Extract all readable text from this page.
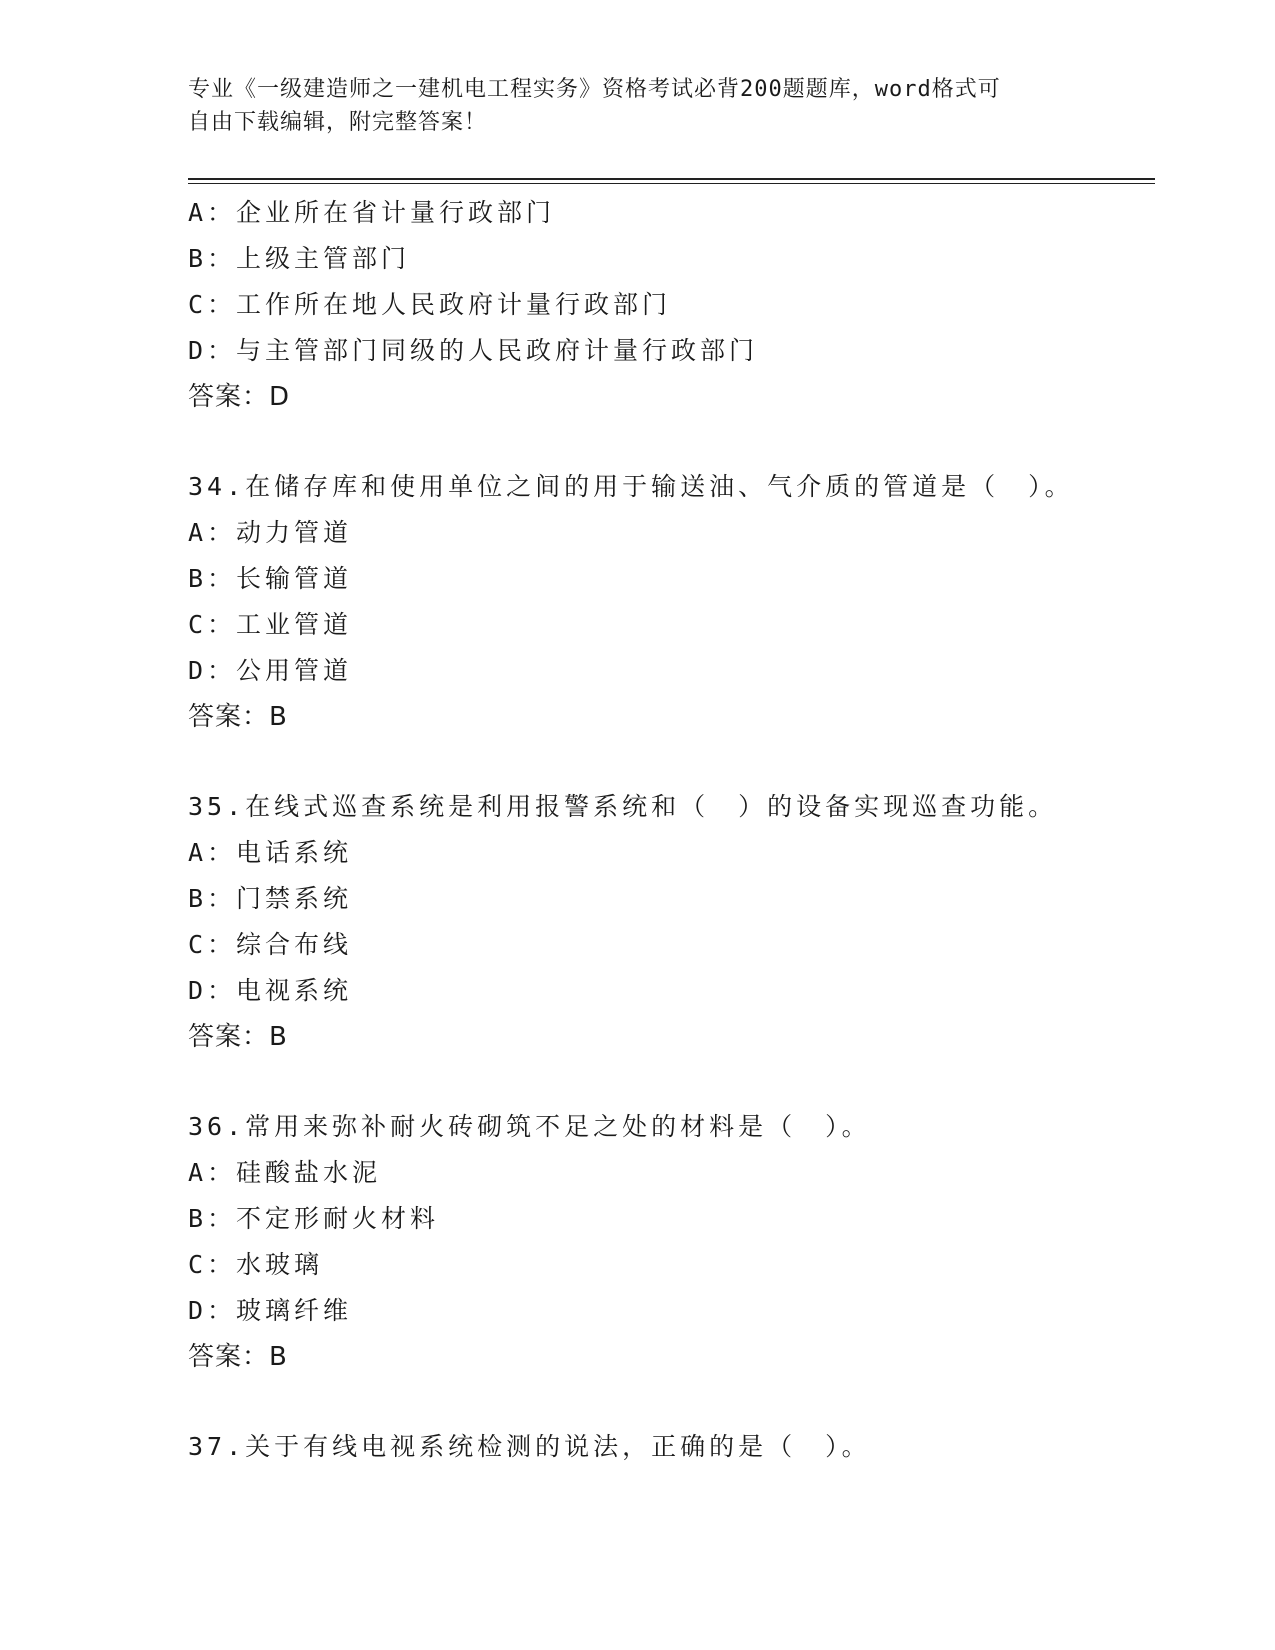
专业《一级建造师之一建机电工程实务》资格考试必背200题题库，word格式可
自由下载编辑，附完整答案！
A：企业所在省计量行政部门
B：上级主管部门
C：工作所在地人民政府计量行政部门
D：与主管部门同级的人民政府计量行政部门
答案：D
34.在储存库和使用单位之间的用于输送油、气介质的管道是（　）。
A：动力管道
B：长输管道
C：工业管道
D：公用管道
答案：B
35.在线式巡查系统是利用报警系统和（　）的设备实现巡查功能。
A：电话系统
B：门禁系统
C：综合布线
D：电视系统
答案：B
36.常用来弥补耐火砖砌筑不足之处的材料是（　）。
A：硅酸盐水泥
B：不定形耐火材料
C：水玻璃
D：玻璃纤维
答案：B
37.关于有线电视系统检测的说法，正确的是（　）。
